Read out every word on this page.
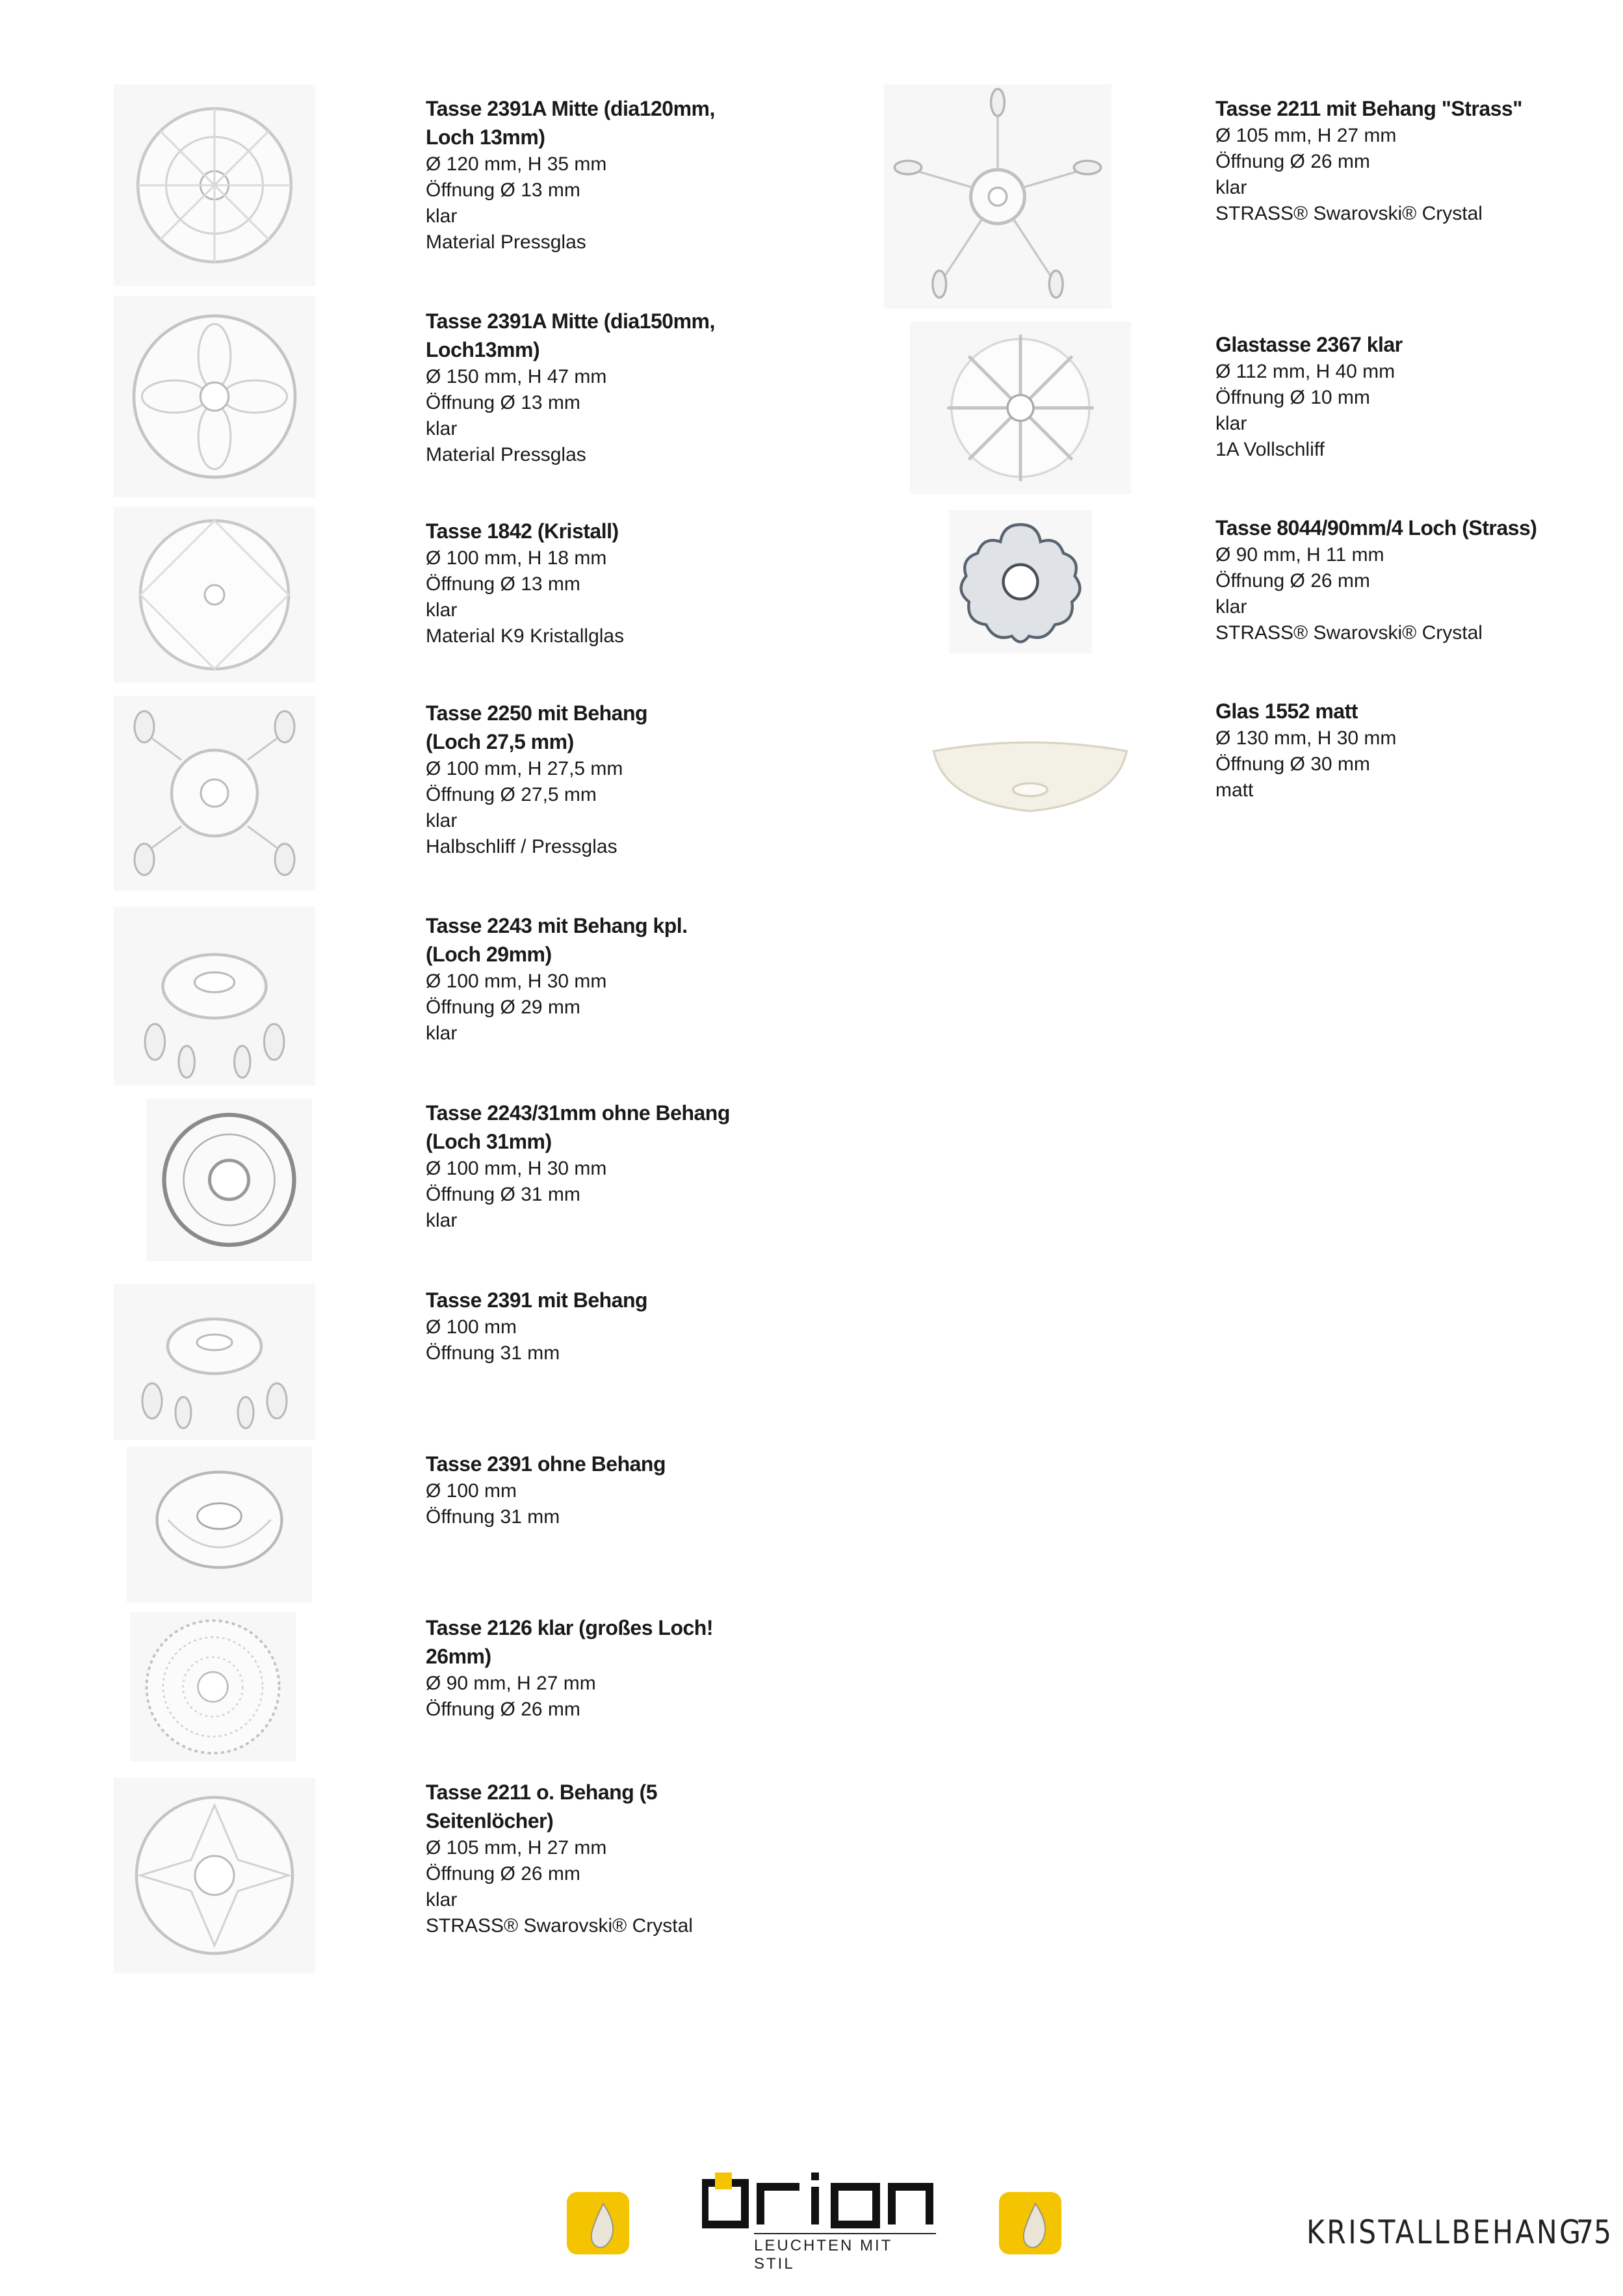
Tasse 2391A Mitte (dia120mm,

Loch 13mm)

Ø 120 mm, H 35 mm

Öffnung Ø 13 mm

klar

Material Pressglas

Tasse 2391A Mitte (dia150mm,

Loch13mm)

Ø 150 mm, H 47 mm

Öffnung Ø 13 mm

klar

Material Pressglas

Tasse 1842 (Kristall)

Ø 100 mm, H 18 mm

Öffnung Ø 13 mm

klar

Material K9 Kristallglas

Tasse 2250 mit Behang

(Loch 27,5 mm)

Ø 100 mm, H 27,5 mm

Öffnung Ø 27,5 mm

klar

Halbschliff / Pressglas

Tasse 2243 mit Behang kpl.

(Loch 29mm)

Ø 100 mm, H 30 mm

Öffnung Ø 29 mm

klar

Tasse 2243/31mm ohne Behang

(Loch 31mm)

Ø 100 mm, H 30 mm

Öffnung Ø 31 mm

klar

Tasse 2391 mit Behang

Ø 100 mm

Öffnung 31 mm

Tasse 2391 ohne Behang

Ø 100 mm

Öffnung 31 mm

Tasse 2126 klar (großes Loch!

26mm)

Ø 90 mm, H 27 mm

Öffnung Ø 26 mm

Tasse 2211 o. Behang (5

Seitenlöcher)

Ø 105 mm, H 27 mm

Öffnung Ø 26 mm

klar

STRASS® Swarovski® Crystal

Tasse 2211 mit Behang "Strass"

Ø 105 mm, H 27 mm

Öffnung Ø 26 mm

klar

STRASS® Swarovski® Crystal

Glastasse 2367 klar

Ø 112 mm, H 40 mm

Öffnung Ø 10 mm

klar

1A Vollschliff

Tasse 8044/90mm/4 Loch (Strass)

Ø 90 mm, H 11 mm

Öffnung Ø 26 mm

klar

STRASS® Swarovski® Crystal

Glas 1552 matt

Ø 130 mm, H 30 mm

Öffnung Ø 30 mm

matt

LEUCHTEN MIT STIL
KRISTALLBEHANG
75
